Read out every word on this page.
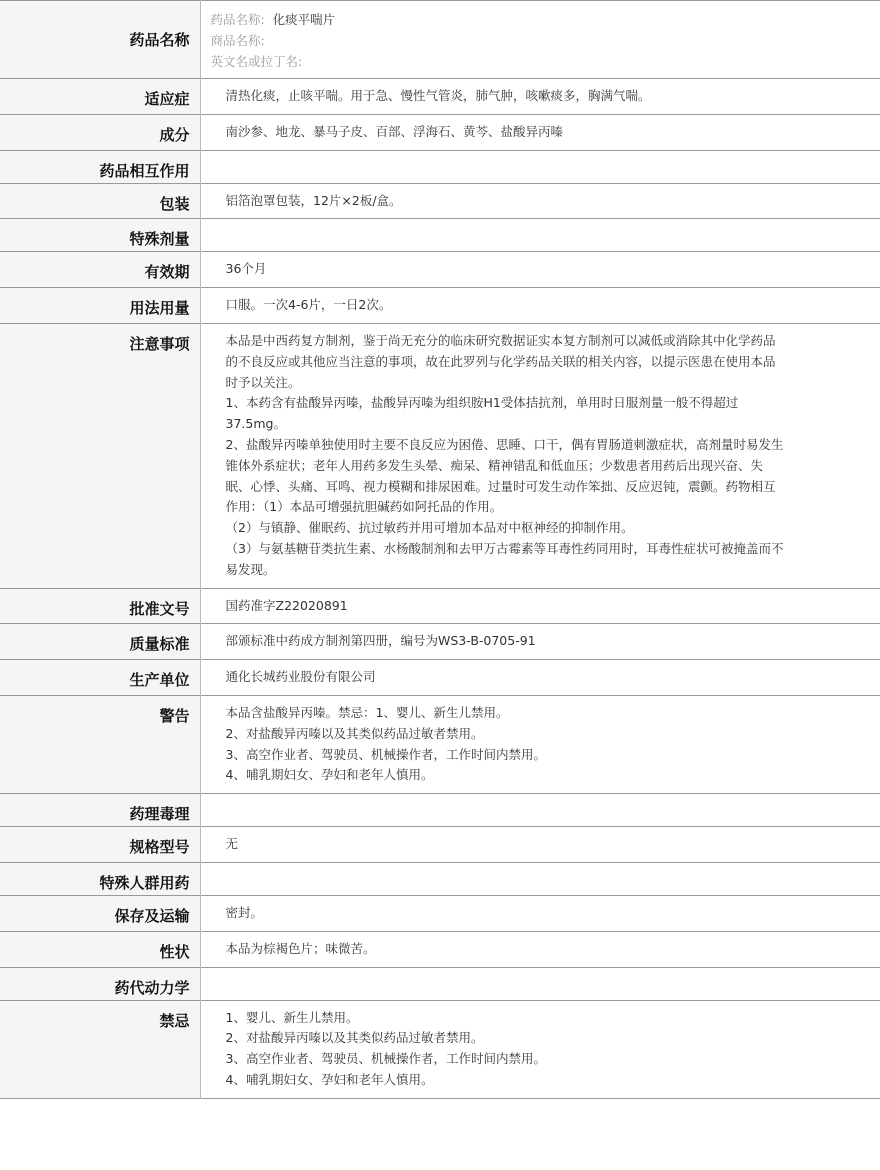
药品名称	药品名称: 化痰平喘片
商品名称:
英文名或拉丁名:

适应症	清热化痰，止咳平喘。用于急、慢性气管炎，肺气肿，咳嗽痰多，胸满气喘。
成分	南沙参、地龙、暴马子皮、百部、浮海石、黄芩、盐酸异丙嗪
药品相互作用	
包装	铝箔泡罩包装，12片×2板/盒。
特殊剂量	
有效期	36个月
用法用量	口服。一次4-6片，一日2次。
注意事项	本品是中西药复方制剂，鉴于尚无充分的临床研究数据证实本复方制剂可以减低或消除其中化学药品的不良反应或其他应当注意的事项，故在此罗列与化学药品关联的相关内容，以提示医患在使用本品时予以关注。
1、本药含有盐酸异丙嗪，盐酸异丙嗪为组织胺H1受体拮抗剂，单用时日服剂量一般不得超过37.5mg。
2、盐酸异丙嗪单独使用时主要不良反应为困倦、思睡、口干，偶有胃肠道刺激症状，高剂量时易发生锥体外系症状；老年人用药多发生头晕、痴呆、精神错乱和低血压；少数患者用药后出现兴奋、失眠、心悸、头痛、耳鸣、视力模糊和排尿困难。过量时可发生动作笨拙、反应迟钝，震颤。药物相互作用：（1）本品可增强抗胆碱药如阿托品的作用。
（2）与镇静、催眠药、抗过敏药并用可增加本品对中枢神经的抑制作用。
（3）与氨基糖苷类抗生素、水杨酸制剂和去甲万古霉素等耳毒性药同用时，耳毒性症状可被掩盖而不易发现。

批准文号	国药准字Z22020891
质量标准	部颁标准中药成方制剂第四册，编号为WS3-B-0705-91
生产单位	通化长城药业股份有限公司
警告	本品含盐酸异丙嗪。禁忌：1、婴儿、新生儿禁用。
2、对盐酸异丙嗪以及其类似药品过敏者禁用。
3、高空作业者、驾驶员、机械操作者，工作时间内禁用。
4、哺乳期妇女、孕妇和老年人慎用。

药理毒理	
规格型号	无
特殊人群用药	
保存及运输	密封。
性状	本品为棕褐色片；味微苦。
药代动力学	
禁忌	1、婴儿、新生儿禁用。
2、对盐酸异丙嗪以及其类似药品过敏者禁用。
3、高空作业者、驾驶员、机械操作者，工作时间内禁用。
4、哺乳期妇女、孕妇和老年人慎用。
